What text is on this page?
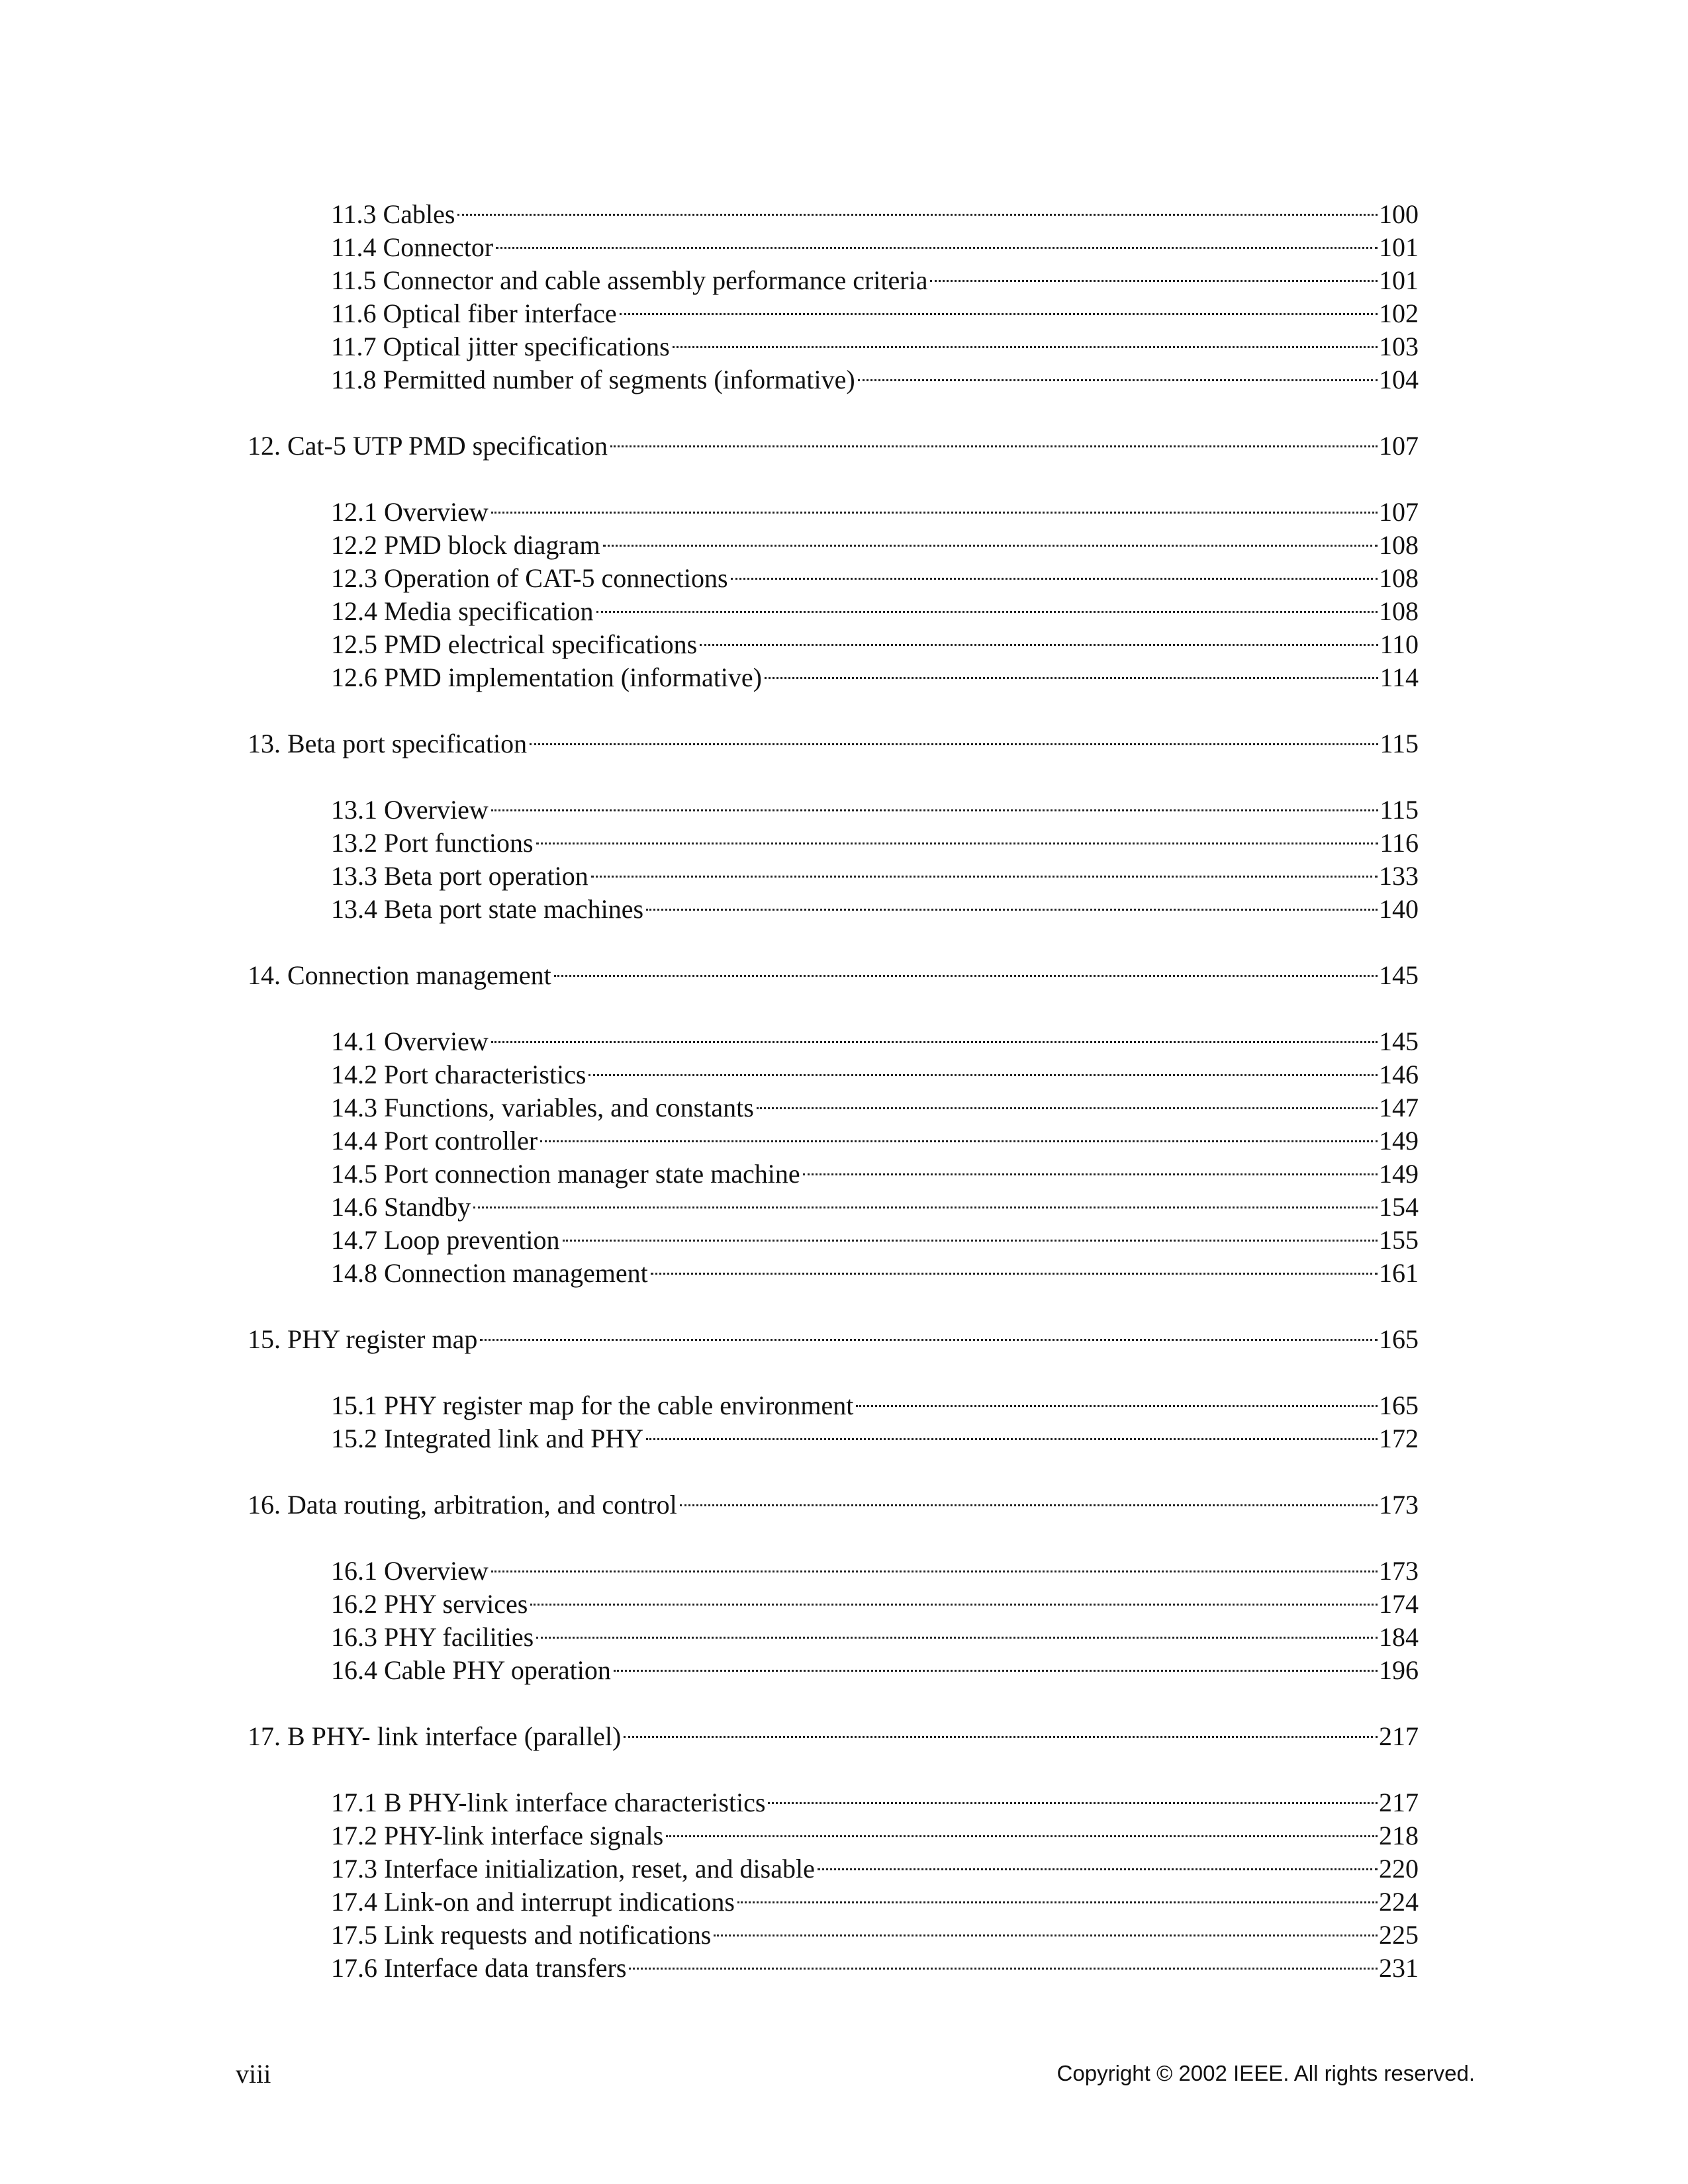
11.3 Cables	100
11.4 Connector	101
11.5 Connector and cable assembly performance criteria	101
11.6 Optical fiber interface	102
11.7 Optical jitter specifications	103
11.8 Permitted number of segments (informative)	104
12. Cat-5 UTP PMD specification	107
12.1 Overview	107
12.2 PMD block diagram	108
12.3 Operation of CAT-5 connections	108
12.4 Media specification	108
12.5 PMD electrical specifications	110
12.6 PMD implementation (informative)	114
13. Beta port specification	115
13.1 Overview	115
13.2 Port functions	116
13.3 Beta port operation	133
13.4 Beta port state machines	140
14. Connection management	145
14.1 Overview	145
14.2 Port characteristics	146
14.3 Functions, variables, and constants	147
14.4 Port controller	149
14.5 Port connection manager state machine	149
14.6 Standby	154
14.7 Loop prevention	155
14.8 Connection management	161
15. PHY register map	165
15.1 PHY register map for the cable environment	165
15.2 Integrated link and PHY	172
16. Data routing, arbitration, and control	173
16.1 Overview	173
16.2 PHY services	174
16.3 PHY facilities	184
16.4 Cable PHY operation	196
17. B PHY- link interface (parallel)	217
17.1 B PHY-link interface characteristics	217
17.2 PHY-link interface signals	218
17.3 Interface initialization, reset, and disable	220
17.4 Link-on and interrupt indications	224
17.5 Link requests and notifications	225
17.6 Interface data transfers	231
viii	Copyright © 2002 IEEE. All rights reserved.
